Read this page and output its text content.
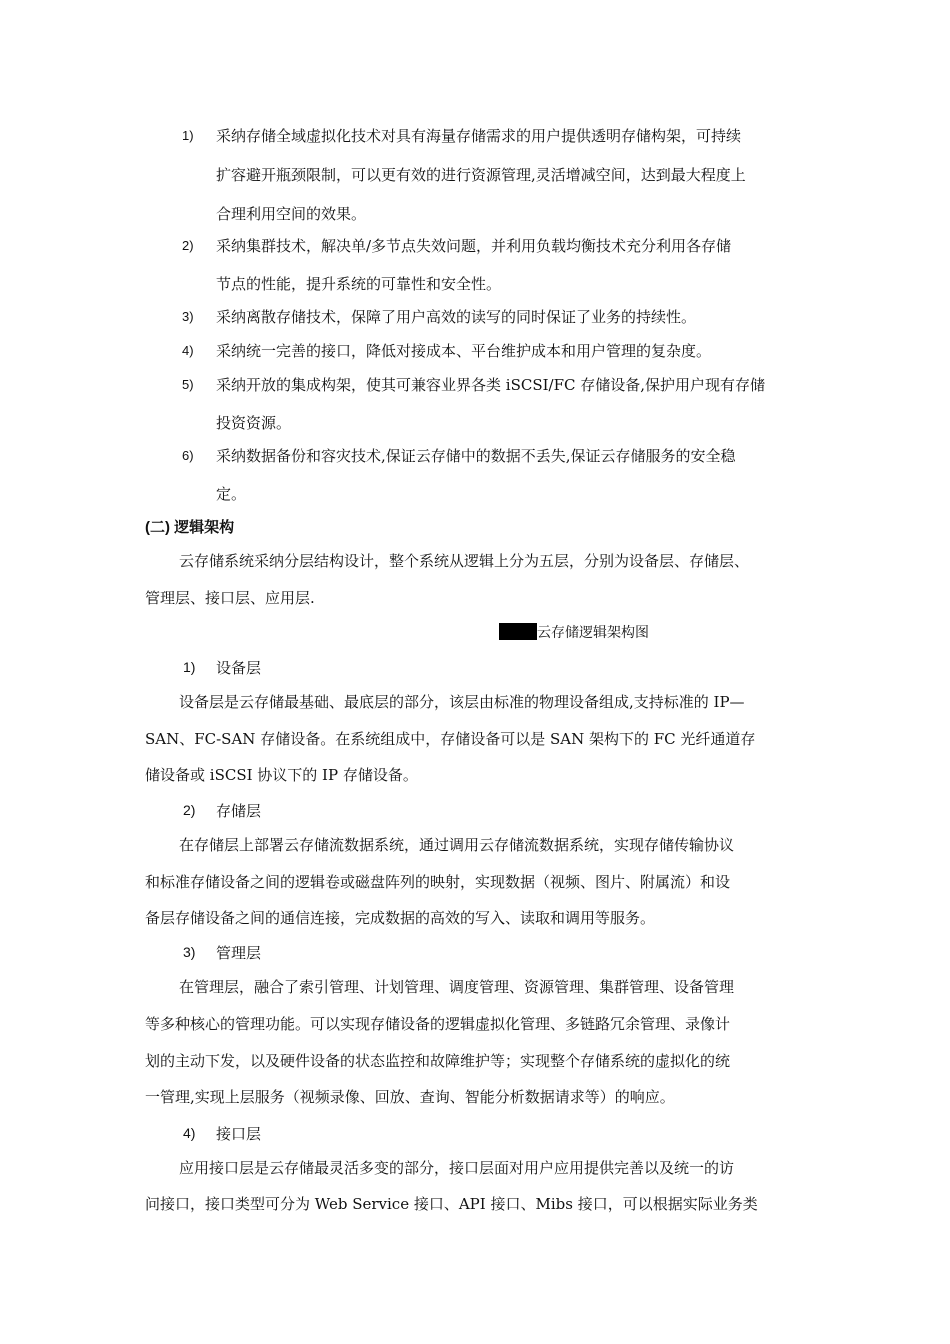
1) 采纳存储全域虚拟化技术对具有海量存储需求的用户提供透明存储构架，可持续
扩容避开瓶颈限制，可以更有效的进行资源管理,灵活增减空间，达到最大程度上
合理利用空间的效果。
2) 采纳集群技术，解决单/多节点失效问题，并利用负载均衡技术充分利用各存储
节点的性能，提升系统的可靠性和安全性。
3) 采纳离散存储技术，保障了用户高效的读写的同时保证了业务的持续性。
4) 采纳统一完善的接口，降低对接成本、平台维护成本和用户管理的复杂度。
5) 采纳开放的集成构架，使其可兼容业界各类 iSCSI/FC 存储设备,保护用户现有存储
投资资源。
6) 采纳数据备份和容灾技术,保证云存储中的数据不丢失,保证云存储服务的安全稳
定。
(二) 逻辑架构
云存储系统采纳分层结构设计，整个系统从逻辑上分为五层，分别为设备层、存储层、
管理层、接口层、应用层.
云存储逻辑架构图
1) 设备层
设备层是云存储最基础、最底层的部分，该层由标准的物理设备组成,支持标准的 IP—
SAN、FC-SAN 存储设备。在系统组成中，存储设备可以是 SAN 架构下的 FC 光纤通道存
储设备或 iSCSI 协议下的 IP 存储设备。
2) 存储层
在存储层上部署云存储流数据系统，通过调用云存储流数据系统，实现存储传输协议
和标准存储设备之间的逻辑卷或磁盘阵列的映射，实现数据（视频、图片、附属流）和设
备层存储设备之间的通信连接，完成数据的高效的写入、读取和调用等服务。
3) 管理层
在管理层，融合了索引管理、计划管理、调度管理、资源管理、集群管理、设备管理
等多种核心的管理功能。可以实现存储设备的逻辑虚拟化管理、多链路冗余管理、录像计
划的主动下发，以及硬件设备的状态监控和故障维护等；实现整个存储系统的虚拟化的统
一管理,实现上层服务（视频录像、回放、查询、智能分析数据请求等）的响应。
4) 接口层
应用接口层是云存储最灵活多变的部分，接口层面对用户应用提供完善以及统一的访
问接口，接口类型可分为 Web Service 接口、API 接口、Mibs 接口，可以根据实际业务类
